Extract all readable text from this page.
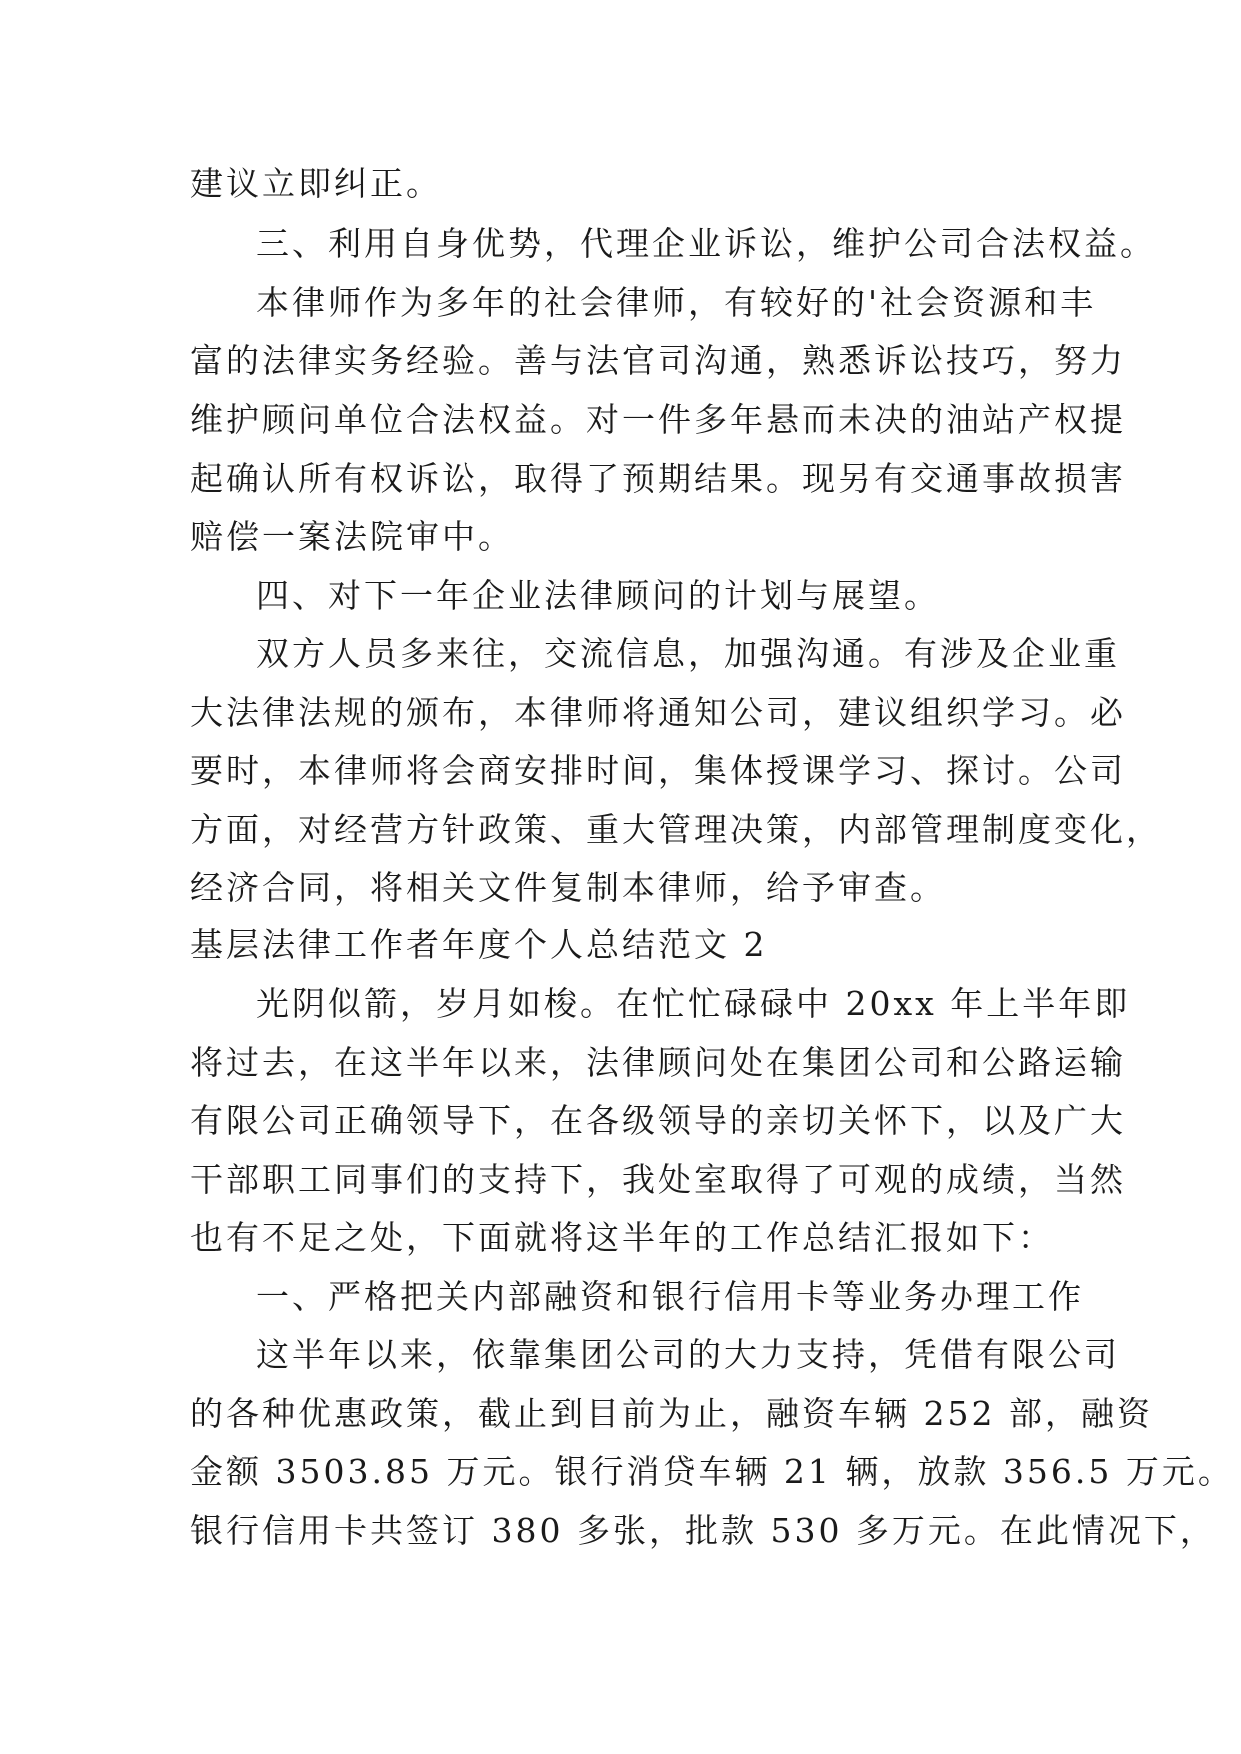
建议立即纠正。
三、利用自身优势，代理企业诉讼，维护公司合法权益。
本律师作为多年的社会律师，有较好的'社会资源和丰
富的法律实务经验。善与法官司沟通，熟悉诉讼技巧，努力
维护顾问单位合法权益。对一件多年悬而未决的油站产权提
起确认所有权诉讼，取得了预期结果。现另有交通事故损害
赔偿一案法院审中。
四、对下一年企业法律顾问的计划与展望。
双方人员多来往，交流信息，加强沟通。有涉及企业重
大法律法规的颁布，本律师将通知公司，建议组织学习。必
要时，本律师将会商安排时间，集体授课学习、探讨。公司
方面，对经营方针政策、重大管理决策，内部管理制度变化，
经济合同，将相关文件复制本律师，给予审查。
基层法律工作者年度个人总结范文 2
光阴似箭，岁月如梭。在忙忙碌碌中 20xx 年上半年即
将过去，在这半年以来，法律顾问处在集团公司和公路运输
有限公司正确领导下，在各级领导的亲切关怀下，以及广大
干部职工同事们的支持下，我处室取得了可观的成绩，当然
也有不足之处，下面就将这半年的工作总结汇报如下：
一、严格把关内部融资和银行信用卡等业务办理工作
这半年以来，依靠集团公司的大力支持，凭借有限公司
的各种优惠政策，截止到目前为止，融资车辆 252 部，融资
金额 3503.85 万元。银行消贷车辆 21 辆，放款 356.5 万元。
银行信用卡共签订 380 多张，批款 530 多万元。在此情况下，
